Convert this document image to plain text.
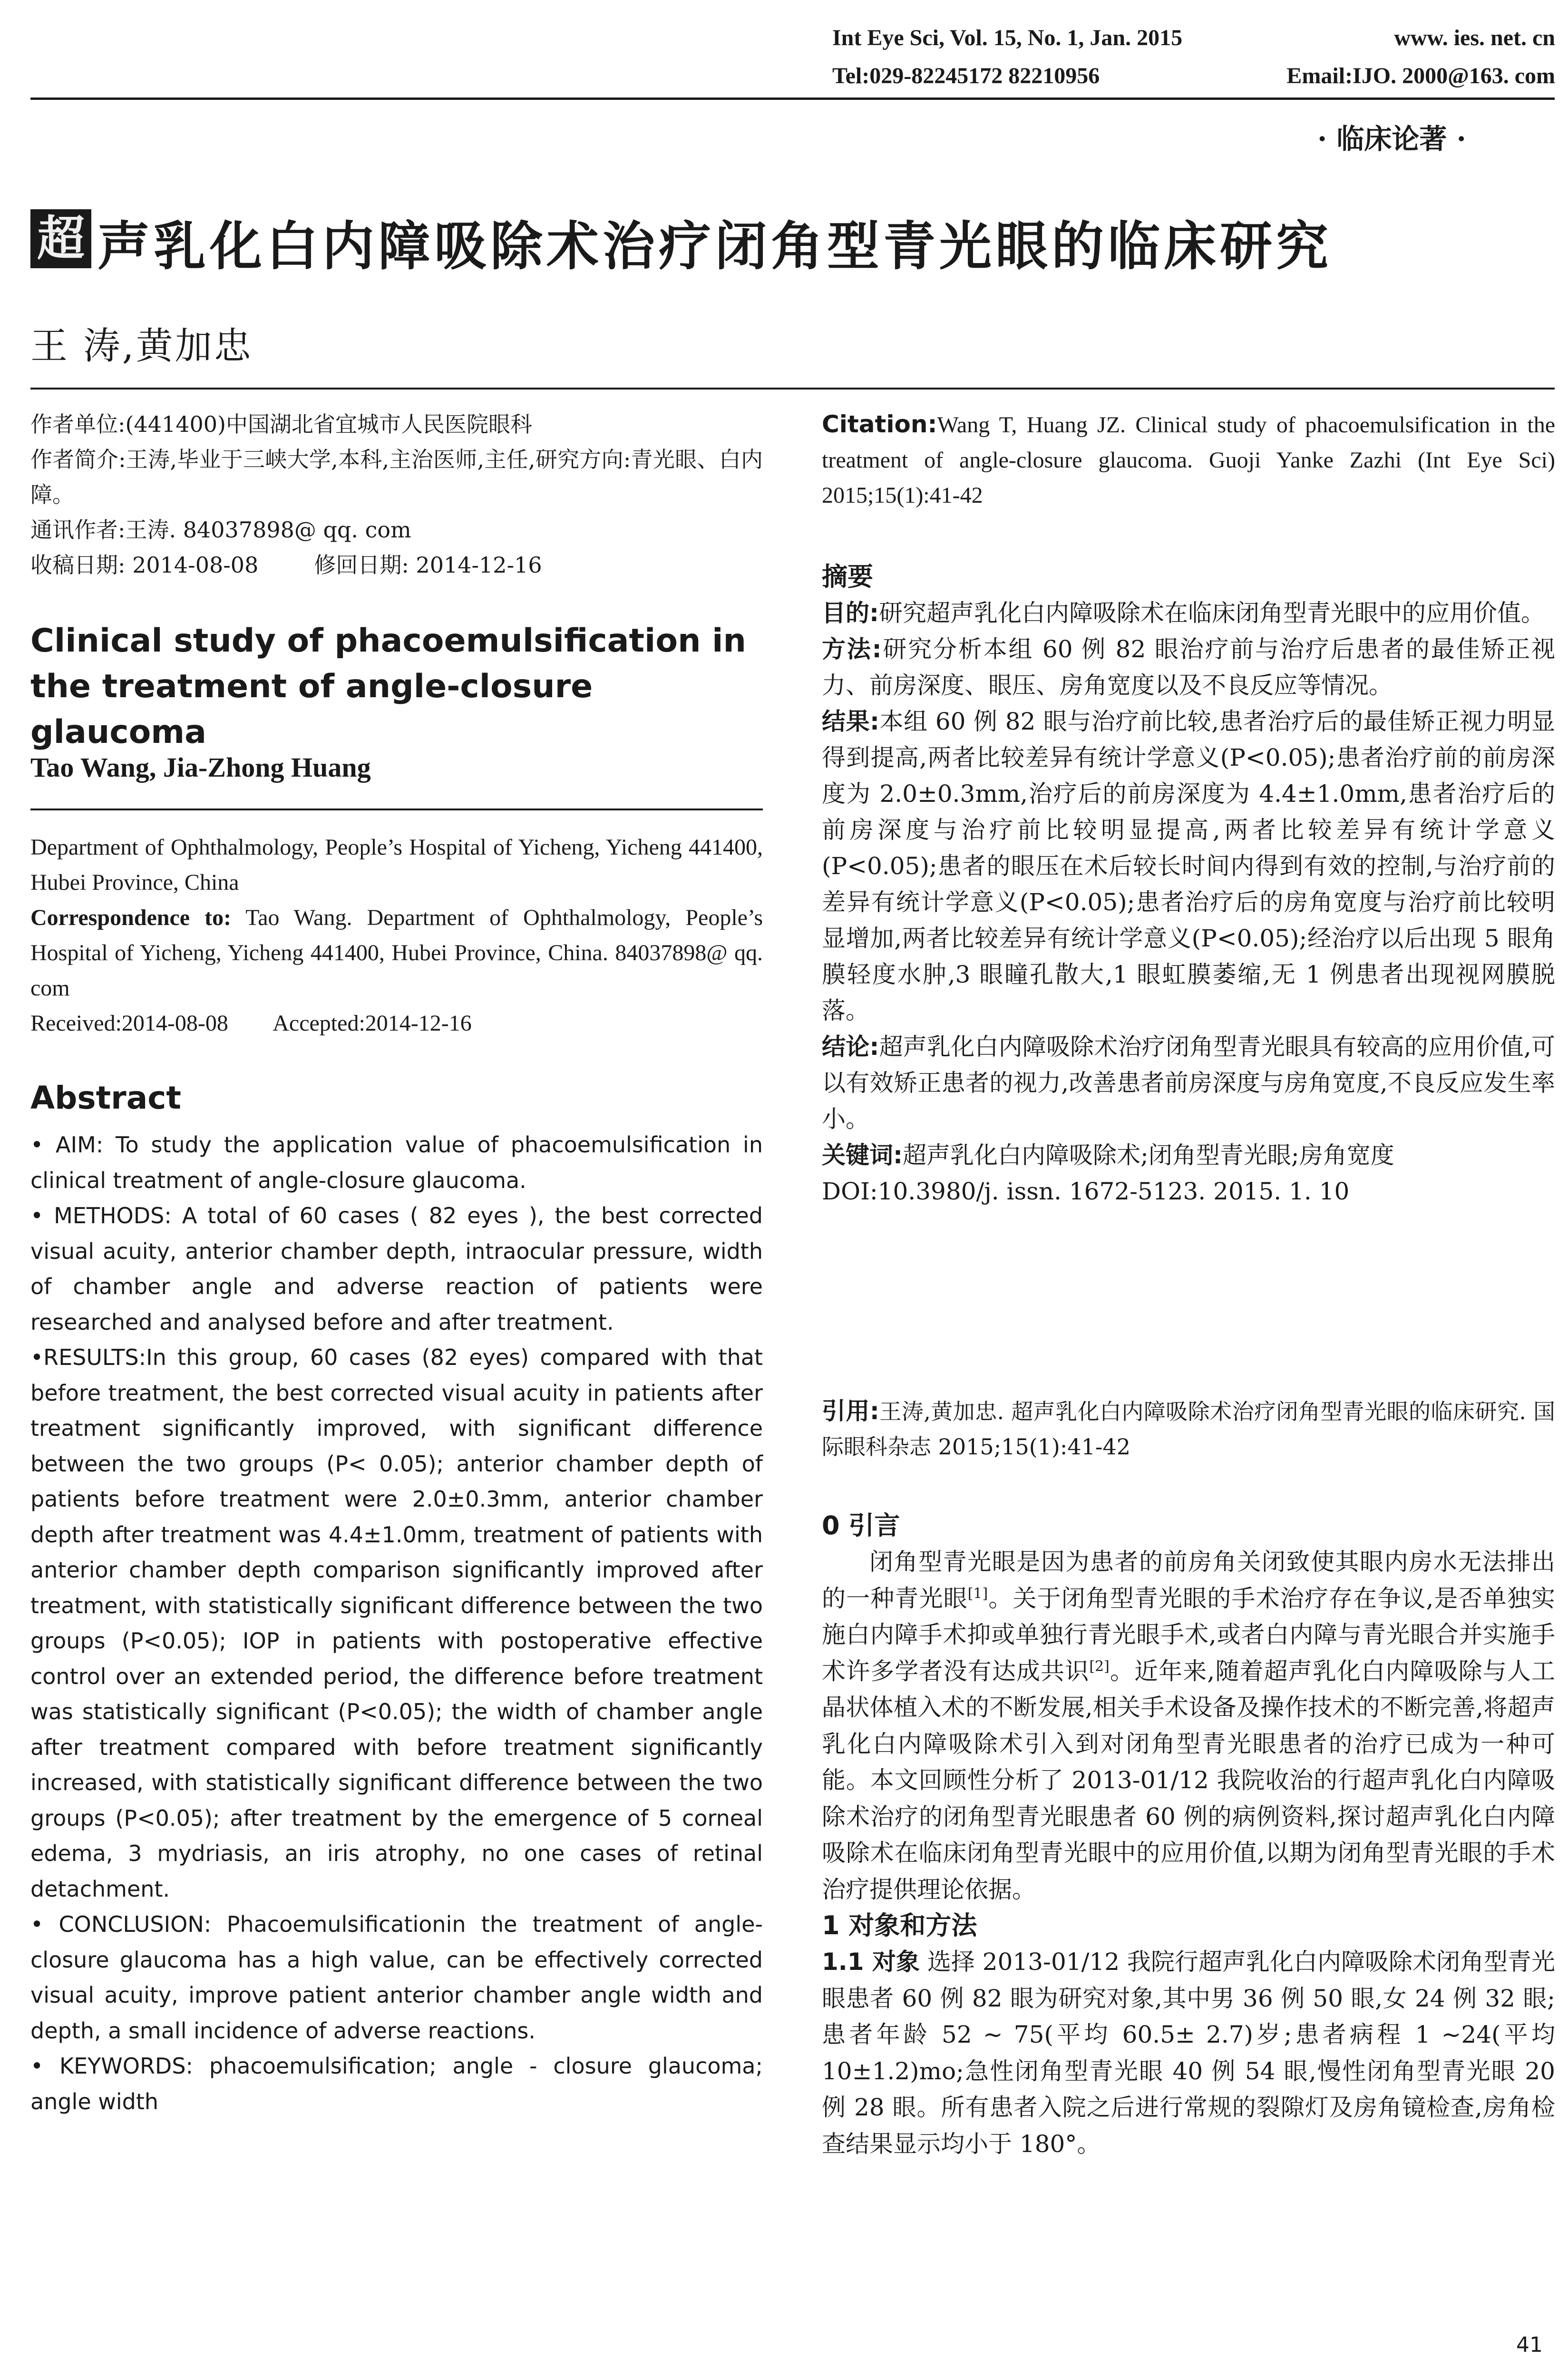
Int Eye Sci, Vol. 15, No. 1, Jan. 2015	www. ies. net. cn
Tel:029-82245172 82210956	Email:IJO. 2000@163. com
· 临床论著 ·
超 声乳化白内障吸除术治疗闭角型青光眼的临床研究
王 涛,黄加忠

作者单位:(441400)中国湖北省宜城市人民医院眼科

作者简介:王涛,毕业于三峡大学,本科,主治医师,主任,研究方向:青光眼、白内障。

通讯作者:王涛. 84037898@ qq. com

收稿日期: 2014-08-08        修回日期: 2014-12-16

Clinical study of phacoemulsification in the treatment of angle-closure glaucoma
Tao Wang, Jia-Zhong Huang

Department of Ophthalmology, People’s Hospital of Yicheng, Yicheng 441400, Hubei Province, China

Correspondence to: Tao Wang. Department of Ophthalmology, People’s Hospital of Yicheng, Yicheng 441400, Hubei Province, China. 84037898@ qq. com

Received:2014-08-08        Accepted:2014-12-16

Abstract

• AIM: To study the application value of phacoemulsification in clinical treatment of angle-closure glaucoma.

• METHODS: A total of 60 cases ( 82 eyes ), the best corrected visual acuity, anterior chamber depth, intraocular pressure, width of chamber angle and adverse reaction of patients were researched and analysed before and after treatment.

•RESULTS:In this group, 60 cases (82 eyes) compared with that before treatment, the best corrected visual acuity in patients after treatment significantly improved, with significant difference between the two groups (P< 0.05); anterior chamber depth of patients before treatment were 2.0±0.3mm, anterior chamber depth after treatment was 4.4±1.0mm, treatment of patients with anterior chamber depth comparison significantly improved after treatment, with statistically significant difference between the two groups (P<0.05); IOP in patients with postoperative effective control over an extended period, the difference before treatment was statistically significant (P<0.05); the width of chamber angle after treatment compared with before treatment significantly increased, with statistically significant difference between the two groups (P<0.05); after treatment by the emergence of 5 corneal edema, 3 mydriasis, an iris atrophy, no one cases of retinal detachment.

• CONCLUSION: Phacoemulsificationin the treatment of angle-closure glaucoma has a high value, can be effectively corrected visual acuity, improve patient anterior chamber angle width and depth, a small incidence of adverse reactions.

• KEYWORDS: phacoemulsification; angle - closure glaucoma; angle width

Citation:Wang T, Huang JZ. Clinical study of phacoemulsification in the treatment of angle-closure glaucoma. Guoji Yanke Zazhi (Int Eye Sci) 2015;15(1):41-42

摘要

目的:研究超声乳化白内障吸除术在临床闭角型青光眼中的应用价值。

方法:研究分析本组 60 例 82 眼治疗前与治疗后患者的最佳矫正视力、前房深度、眼压、房角宽度以及不良反应等情况。

结果:本组 60 例 82 眼与治疗前比较,患者治疗后的最佳矫正视力明显得到提高,两者比较差异有统计学意义(P<0.05);患者治疗前的前房深度为 2.0±0.3mm,治疗后的前房深度为 4.4±1.0mm,患者治疗后的前房深度与治疗前比较明显提高,两者比较差异有统计学意义(P<0.05);患者的眼压在术后较长时间内得到有效的控制,与治疗前的差异有统计学意义(P<0.05);患者治疗后的房角宽度与治疗前比较明显增加,两者比较差异有统计学意义(P<0.05);经治疗以后出现 5 眼角膜轻度水肿,3 眼瞳孔散大,1 眼虹膜萎缩,无 1 例患者出现视网膜脱落。

结论:超声乳化白内障吸除术治疗闭角型青光眼具有较高的应用价值,可以有效矫正患者的视力,改善患者前房深度与房角宽度,不良反应发生率小。

关键词:超声乳化白内障吸除术;闭角型青光眼;房角宽度

DOI:10.3980/j. issn. 1672-5123. 2015. 1. 10

引用:王涛,黄加忠. 超声乳化白内障吸除术治疗闭角型青光眼的临床研究. 国际眼科杂志 2015;15(1):41-42

0 引言

闭角型青光眼是因为患者的前房角关闭致使其眼内房水无法排出的一种青光眼[1]。关于闭角型青光眼的手术治疗存在争议,是否单独实施白内障手术抑或单独行青光眼手术,或者白内障与青光眼合并实施手术许多学者没有达成共识[2]。近年来,随着超声乳化白内障吸除与人工晶状体植入术的不断发展,相关手术设备及操作技术的不断完善,将超声乳化白内障吸除术引入到对闭角型青光眼患者的治疗已成为一种可能。本文回顾性分析了 2013-01/12 我院收治的行超声乳化白内障吸除术治疗的闭角型青光眼患者 60 例的病例资料,探讨超声乳化白内障吸除术在临床闭角型青光眼中的应用价值,以期为闭角型青光眼的手术治疗提供理论依据。

1 对象和方法

1.1 对象 选择 2013-01/12 我院行超声乳化白内障吸除术闭角型青光眼患者 60 例 82 眼为研究对象,其中男 36 例 50 眼,女 24 例 32 眼;患者年龄 52 ~ 75(平均 60.5± 2.7)岁;患者病程 1 ~24(平均 10±1.2)mo;急性闭角型青光眼 40 例 54 眼,慢性闭角型青光眼 20 例 28 眼。所有患者入院之后进行常规的裂隙灯及房角镜检查,房角检查结果显示均小于 180°。

41
